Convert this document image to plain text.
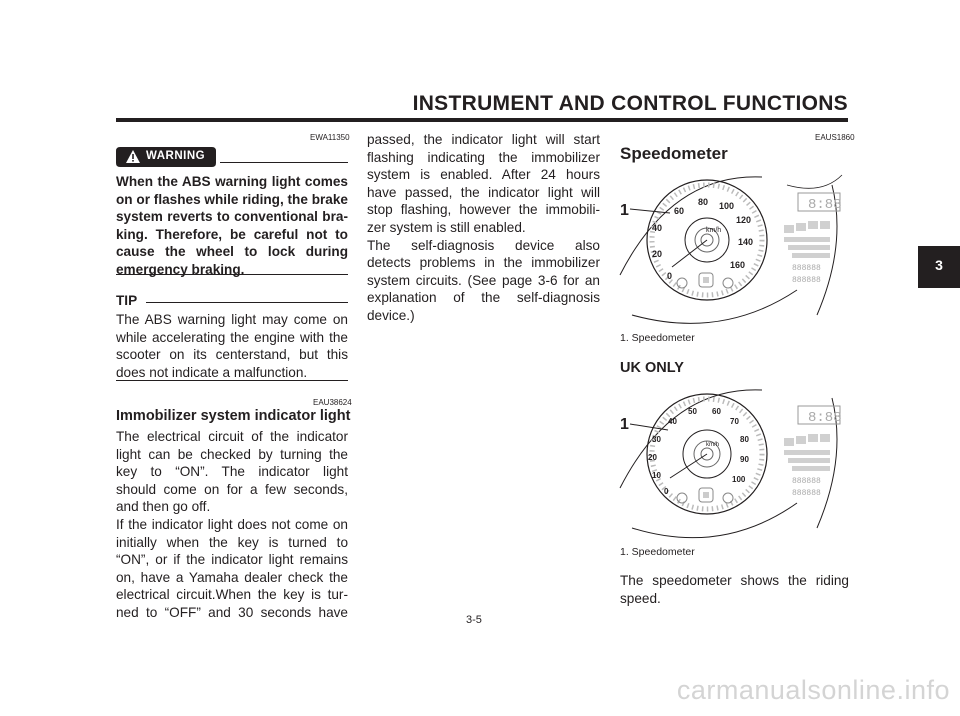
INSTRUMENT AND CONTROL FUNCTIONS
EWA11350
WARNING
When the ABS warning light comes
on or flashes while riding, the brake
system reverts to conventional bra-
king. Therefore, be careful not to
cause the wheel to lock during
emergency braking.
TIP
The ABS warning light may come on
while accelerating the engine with the
scooter on its centerstand, but this
does not indicate a malfunction.
EAU38624
Immobilizer system indicator light
The electrical circuit of the indicator
light can be checked by turning the
key to “ON”. The indicator light
should come on for a few seconds,
and then go off.
If the indicator light does not come on
initially when the key is turned to
“ON”, or if the indicator light remains
on, have a Yamaha dealer check the
electrical circuit.When the key is tur-
ned to “OFF” and 30 seconds have
passed, the indicator light will start
flashing indicating the immobilizer
system is enabled. After 24 hours
have passed, the indicator light will
stop flashing, however the immobili-
zer system is still enabled.
The self-diagnosis device also
detects problems in the immobilizer
system circuits. (See page 3-6 for an
explanation of the self-diagnosis
device.)
EAUS1860
Speedometer
0
20
40
60
80 100
120
140
160
km/h
8:88
888888
888888
1
1. Speedometer
UK ONLY
0
10
20
30
40
50 60
70
80
90
100
km/h
8:88
888888
888888
1
1. Speedometer
The speedometer shows the riding
speed.
3
3-5
carmanualsonline.info
